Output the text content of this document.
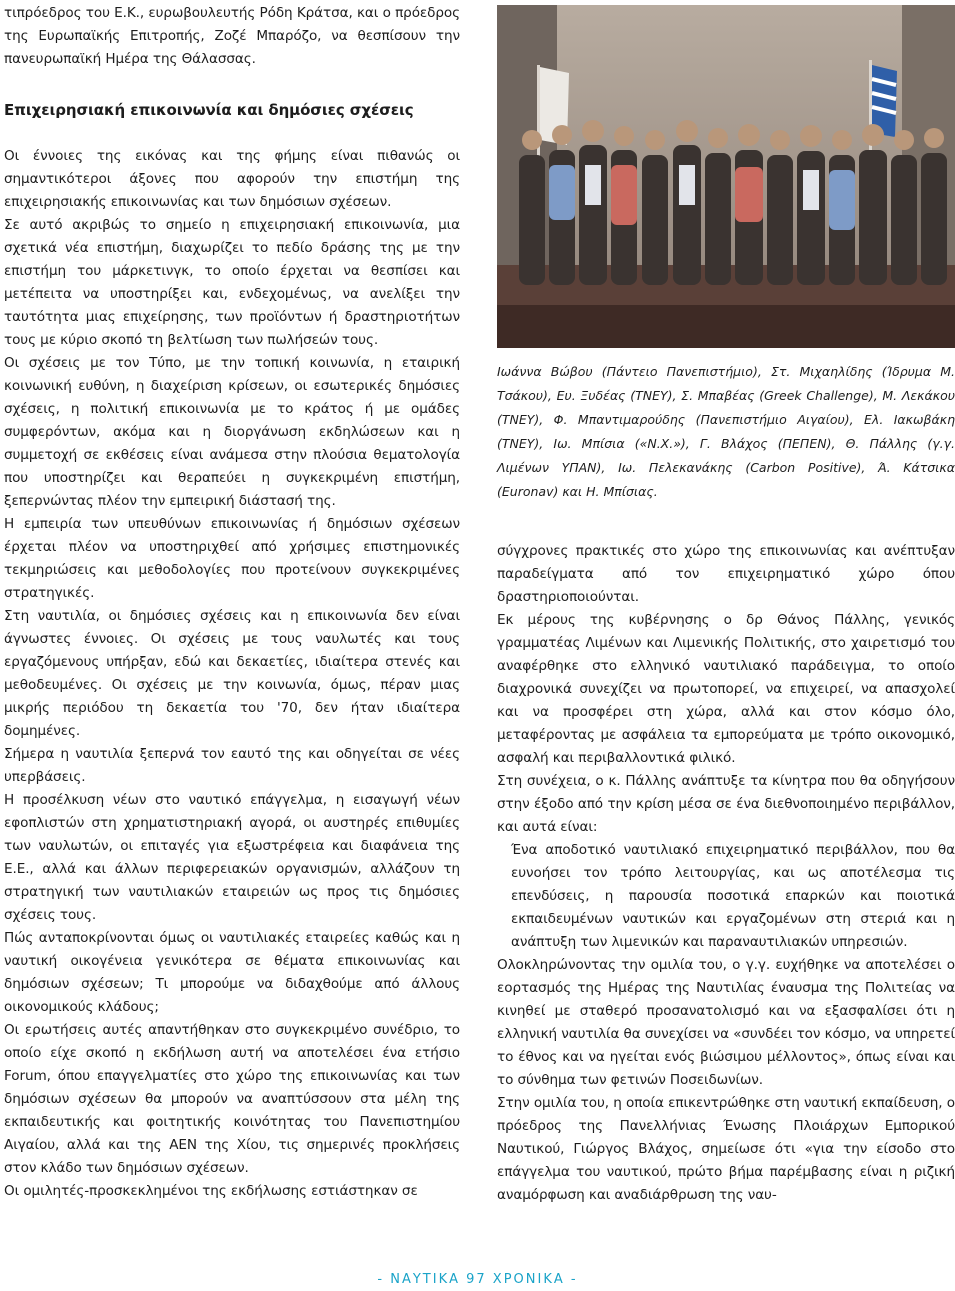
τιπρόεδρος του Ε.Κ., ευρωβουλευτής Ρόδη Κράτσα, και ο πρόεδρος της Ευρωπαϊκής Επιτροπής, Ζοζέ Μπαρόζο, να θεσπίσουν την πανευρωπαϊκή Ημέρα της Θάλασσας.

Επιχειρησιακή επικοινωνία και δημόσιες σχέσεις

Οι έννοιες της εικόνας και της φήμης είναι πιθανώς οι σημαντικότεροι άξονες που αφορούν την επιστήμη της επιχειρησιακής επικοινωνίας και των δημόσιων σχέσεων.

Σε αυτό ακριβώς το σημείο η επιχειρησιακή επικοινωνία, μια σχετικά νέα επιστήμη, διαχωρίζει το πεδίο δράσης της με την επιστήμη του μάρκετινγκ, το οποίο έρχεται να θεσπίσει και μετέπειτα να υποστηρίξει και, ενδεχομένως, να ανελίξει την ταυτότητα μιας επιχείρησης, των προϊόντων ή δραστηριοτήτων τους με κύριο σκοπό τη βελτίωση των πωλήσεών τους.

Οι σχέσεις με τον Τύπο, με την τοπική κοινωνία, η εταιρική κοινωνική ευθύνη, η διαχείριση κρίσεων, οι εσωτερικές δημόσιες σχέσεις, η πολιτική επικοινωνία με το κράτος ή με ομάδες συμφερόντων, ακόμα και η διοργάνωση εκδηλώσεων και η συμμετοχή σε εκθέσεις είναι ανάμεσα στην πλούσια θεματολογία που υποστηρίζει και θεραπεύει η συγκεκριμένη επιστήμη, ξεπερνώντας πλέον την εμπειρική διάστασή της.

Η εμπειρία των υπευθύνων επικοινωνίας ή δημόσιων σχέσεων έρχεται πλέον να υποστηριχθεί από χρήσιμες επιστημονικές τεκμηριώσεις και μεθοδολογίες που προτείνουν συγκεκριμένες στρατηγικές.

Στη ναυτιλία, οι δημόσιες σχέσεις και η επικοινωνία δεν είναι άγνωστες έννοιες. Οι σχέσεις με τους ναυλωτές και τους εργαζόμενους υπήρξαν, εδώ και δεκαετίες, ιδιαίτερα στενές και μεθοδευμένες. Οι σχέσεις με την κοινωνία, όμως, πέραν μιας μικρής περιόδου τη δεκαετία του '70, δεν ήταν ιδιαίτερα δομημένες.

Σήμερα η ναυτιλία ξεπερνά τον εαυτό της και οδηγείται σε νέες υπερβάσεις.

Η προσέλκυση νέων στο ναυτικό επάγγελμα, η εισαγωγή νέων εφοπλιστών στη χρηματιστηριακή αγορά, οι αυστηρές επιθυμίες των ναυλωτών, οι επιταγές για εξωστρέφεια και διαφάνεια της Ε.Ε., αλλά και άλλων περιφερειακών οργανισμών, αλλάζουν τη στρατηγική των ναυτιλιακών εταιρειών ως προς τις δημόσιες σχέσεις τους.

Πώς ανταποκρίνονται όμως οι ναυτιλιακές εταιρείες καθώς και η ναυτική οικογένεια γενικότερα σε θέματα επικοινωνίας και δημόσιων σχέσεων; Τι μπορούμε να διδαχθούμε από άλλους οικονομικούς κλάδους;

Οι ερωτήσεις αυτές απαντήθηκαν στο συγκεκριμένο συνέδριο, το οποίο είχε σκοπό η εκδήλωση αυτή να αποτελέσει ένα ετήσιο Forum, όπου επαγγελματίες στο χώρο της επικοινωνίας και των δημόσιων σχέσεων θα μπορούν να αναπτύσσουν στα μέλη της εκπαιδευτικής και φοιτητικής κοινότητας του Πανεπιστημίου Αιγαίου, αλλά και της ΑΕΝ της Χίου, τις σημερινές προκλήσεις στον κλάδο των δημόσιων σχέσεων.

Οι ομιλητές-προσκεκλημένοι της εκδήλωσης εστιάστηκαν σε

Ιωάννα Βώβου (Πάντειο Πανεπιστήμιο), Στ. Μιχαηλίδης (Ίδρυμα Μ. Τσάκου), Ευ. Ξυδέας (ΤΝΕΥ), Σ. Μπαβέας (Greek Challenge), Μ. Λεκάκου (ΤΝΕΥ), Φ. Μπαντιμαρούδης (Πανεπιστήμιο Αιγαίου), Ελ. Ιακωβάκη (ΤΝΕΥ), Ιω. Μπίσια («Ν.Χ.»), Γ. Βλάχος (ΠΕΠΕΝ), Θ. Πάλλης (γ.γ. Λιμένων ΥΠΑΝ), Ιω. Πελεκανάκης (Carbon Positive), Ά. Κάτσικα (Euronav) και Η. Μπίσιας.

σύγχρονες πρακτικές στο χώρο της επικοινωνίας και ανέπτυξαν παραδείγματα από τον επιχειρηματικό χώρο όπου δραστηριοποιούνται.

Εκ μέρους της κυβέρνησης ο δρ Θάνος Πάλλης, γενικός γραμματέας Λιμένων και Λιμενικής Πολιτικής, στο χαιρετισμό του αναφέρθηκε στο ελληνικό ναυτιλιακό παράδειγμα, το οποίο διαχρονικά συνεχίζει να πρωτοπορεί, να επιχειρεί, να απασχολεί και να προσφέρει στη χώρα, αλλά και στον κόσμο όλο, μεταφέροντας με ασφάλεια τα εμπορεύματα με τρόπο οικονομικό, ασφαλή και περιβαλλοντικά φιλικό.

Στη συνέχεια, ο κ. Πάλλης ανάπτυξε τα κίνητρα που θα οδηγήσουν στην έξοδο από την κρίση μέσα σε ένα διεθνοποιημένο περιβάλλον, και αυτά είναι:

Ένα αποδοτικό ναυτιλιακό επιχειρηματικό περιβάλλον, που θα ευνοήσει τον τρόπο λειτουργίας, και ως αποτέλεσμα τις επενδύσεις, η παρουσία ποσοτικά επαρκών και ποιοτικά εκπαιδευμένων ναυτικών και εργαζομένων στη στεριά και η ανάπτυξη των λιμενικών και παραναυτιλιακών υπηρεσιών.

Ολοκληρώνοντας την ομιλία του, ο γ.γ. ευχήθηκε να αποτελέσει ο εορτασμός της Ημέρας της Ναυτιλίας έναυσμα της Πολιτείας να κινηθεί με σταθερό προσανατολισμό και να εξασφαλίσει ότι η ελληνική ναυτιλία θα συνεχίσει να «συνδέει τον κόσμο, να υπηρετεί το έθνος και να ηγείται ενός βιώσιμου μέλλοντος», όπως είναι και το σύνθημα των φετινών Ποσειδωνίων.

Στην ομιλία του, η οποία επικεντρώθηκε στη ναυτική εκπαίδευση, ο πρόεδρος της Πανελλήνιας Ένωσης Πλοιάρχων Εμπορικού Ναυτικού, Γιώργος Βλάχος, σημείωσε ότι «για την είσοδο στο επάγγελμα του ναυτικού, πρώτο βήμα παρέμβασης είναι η ριζική αναμόρφωση και αναδιάρθρωση της ναυ-

- ΝΑΥΤΙΚΑ 97 ΧΡΟΝΙΚΑ -
